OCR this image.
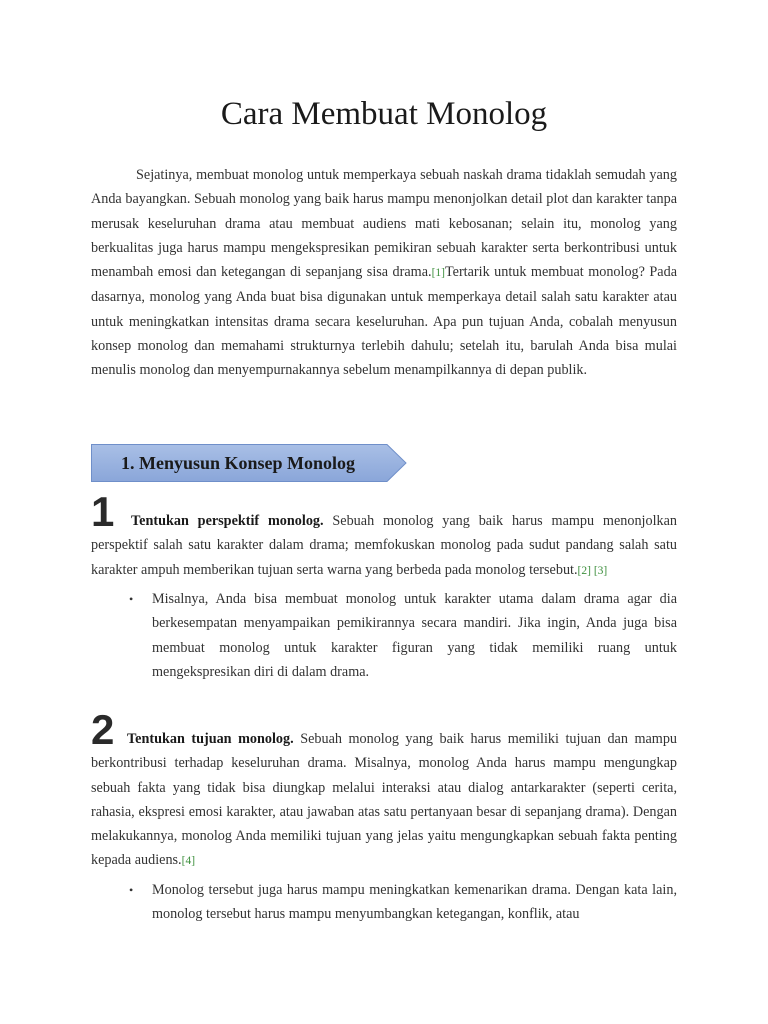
Cara Membuat Monolog

Sejatinya, membuat monolog untuk memperkaya sebuah naskah drama tidaklah semudah yang Anda bayangkan. Sebuah monolog yang baik harus mampu menonjolkan detail plot dan karakter tanpa merusak keseluruhan drama atau membuat audiens mati kebosanan; selain itu, monolog yang berkualitas juga harus mampu mengekspresikan pemikiran sebuah karakter serta berkontribusi untuk menambah emosi dan ketegangan di sepanjang sisa drama.[1]Tertarik untuk membuat monolog? Pada dasarnya, monolog yang Anda buat bisa digunakan untuk memperkaya detail salah satu karakter atau untuk meningkatkan intensitas drama secara keseluruhan. Apa pun tujuan Anda, cobalah menyusun konsep monolog dan memahami strukturnya terlebih dahulu; setelah itu, barulah Anda bisa mulai menulis monolog dan menyempurnakannya sebelum menampilkannya di depan publik.

1. Menyusun Konsep Monolog
1	Tentukan perspektif monolog. Sebuah monolog yang baik harus mampu menonjolkan perspektif salah satu karakter dalam drama; memfokuskan monolog pada sudut pandang salah satu karakter ampuh memberikan tujuan serta warna yang berbeda pada monolog tersebut.[2] [3]

• Misalnya, Anda bisa membuat monolog untuk karakter utama dalam drama agar dia berkesempatan menyampaikan pemikirannya secara mandiri. Jika ingin, Anda juga bisa membuat monolog untuk karakter figuran yang tidak memiliki ruang untuk mengekspresikan diri di dalam drama.
2 Tentukan tujuan monolog. Sebuah monolog yang baik harus memiliki tujuan dan mampu berkontribusi terhadap keseluruhan drama. Misalnya, monolog Anda harus mampu mengungkap sebuah fakta yang tidak bisa diungkap melalui interaksi atau dialog antarkarakter (seperti cerita, rahasia, ekspresi emosi karakter, atau jawaban atas satu pertanyaan besar di sepanjang drama). Dengan melakukannya, monolog Anda memiliki tujuan yang jelas yaitu mengungkapkan sebuah fakta penting kepada audiens.[4]

• Monolog tersebut juga harus mampu meningkatkan kemenarikan drama. Dengan kata lain, monolog tersebut harus mampu menyumbangkan ketegangan, konflik, atau
